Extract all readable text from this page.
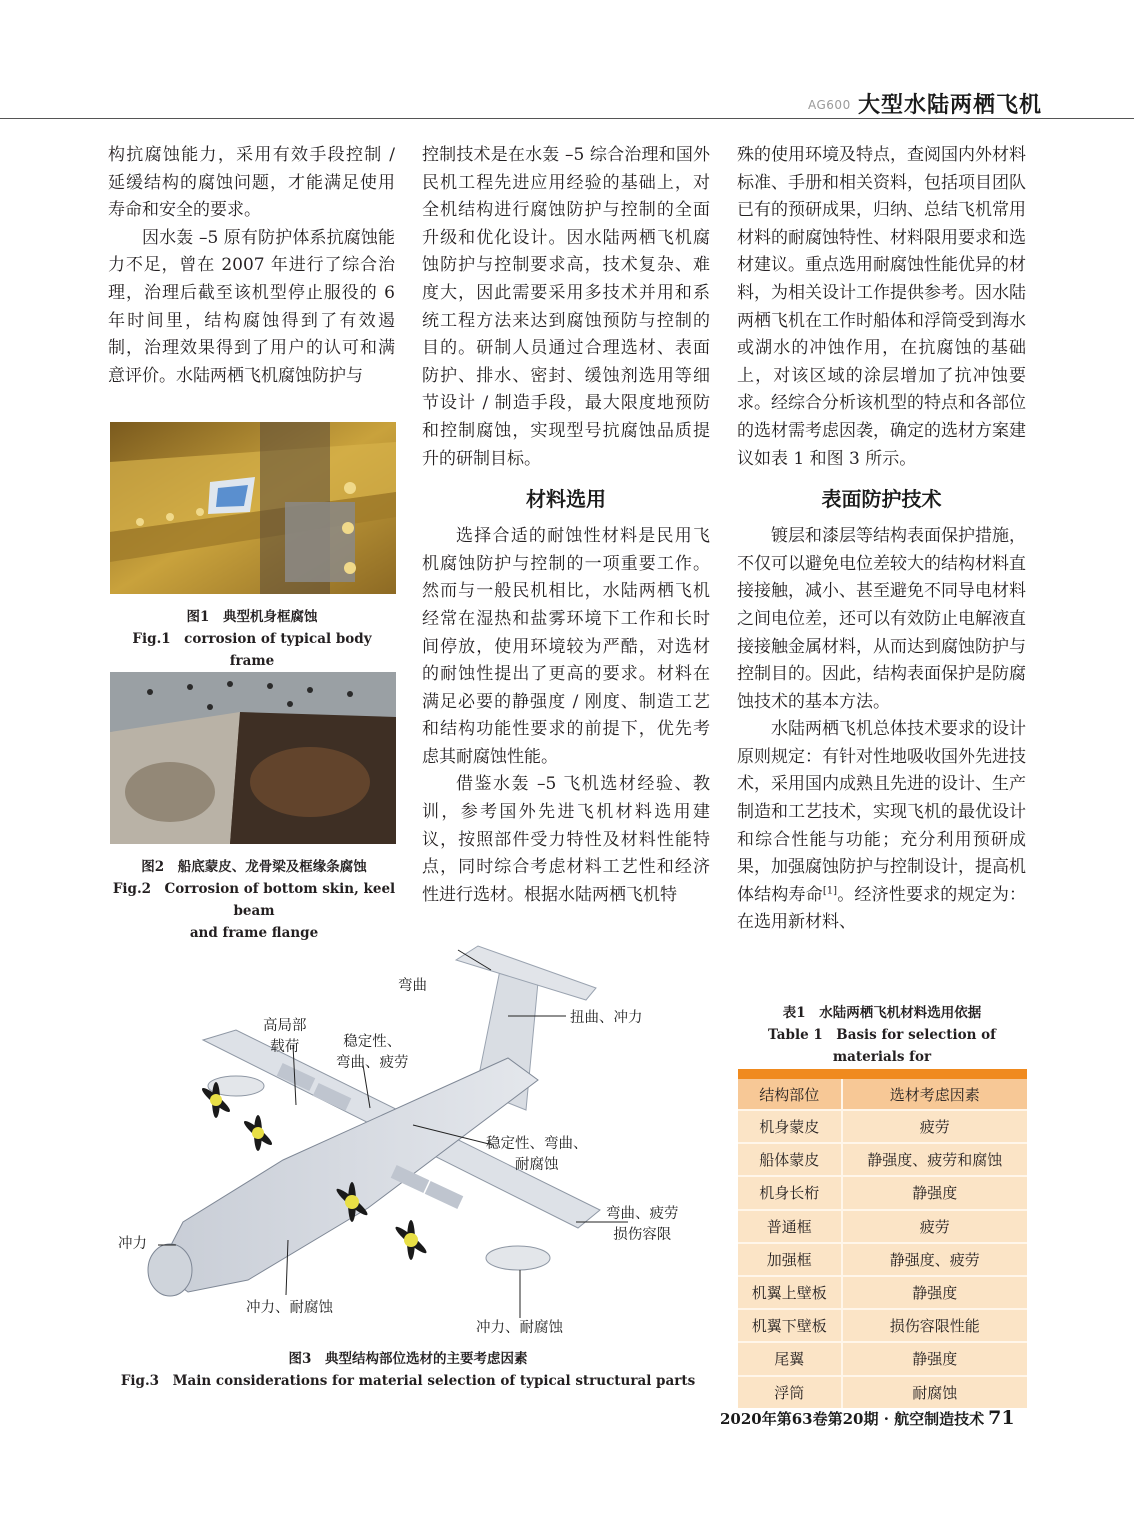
AG600 大型水陆两栖飞机

构抗腐蚀能力，采用有效手段控制 / 延缓结构的腐蚀问题，才能满足使用寿命和安全的要求。

因水轰 –5 原有防护体系抗腐蚀能力不足，曾在 2007 年进行了综合治理，治理后截至该机型停止服役的 6 年时间里，结构腐蚀得到了有效遏制，治理效果得到了用户的认可和满意评价。水陆两栖飞机腐蚀防护与

图1　典型机身框腐蚀
Fig.1　corrosion of typical body frame
图2　船底蒙皮、龙骨梁及框缘条腐蚀
Fig.2　Corrosion of bottom skin, keel beam
and frame flange

控制技术是在水轰 –5 综合治理和国外民机工程先进应用经验的基础上，对全机结构进行腐蚀防护与控制的全面升级和优化设计。因水陆两栖飞机腐蚀防护与控制要求高，技术复杂、难度大，因此需要采用多技术并用和系统工程方法来达到腐蚀预防与控制的目的。研制人员通过合理选材、表面防护、排水、密封、缓蚀剂选用等细节设计 / 制造手段，最大限度地预防和控制腐蚀，实现型号抗腐蚀品质提升的研制目标。

材料选用

选择合适的耐蚀性材料是民用飞机腐蚀防护与控制的一项重要工作。然而与一般民机相比，水陆两栖飞机经常在湿热和盐雾环境下工作和长时间停放，使用环境较为严酷，对选材的耐蚀性提出了更高的要求。材料在满足必要的静强度 / 刚度、制造工艺和结构功能性要求的前提下，优先考虑其耐腐蚀性能。

借鉴水轰 –5 飞机选材经验、教训，参考国外先进飞机材料选用建议，按照部件受力特性及材料性能特点，同时综合考虑材料工艺性和经济性进行选材。根据水陆两栖飞机特

殊的使用环境及特点，查阅国内外材料标准、手册和相关资料，包括项目团队已有的预研成果，归纳、总结飞机常用材料的耐腐蚀特性、材料限用要求和选材建议。重点选用耐腐蚀性能优异的材料，为相关设计工作提供参考。因水陆两栖飞机在工作时船体和浮筒受到海水或湖水的冲蚀作用，在抗腐蚀的基础上，对该区域的涂层增加了抗冲蚀要求。经综合分析该机型的特点和各部位的选材需考虑因袭，确定的选材方案建议如表 1 和图 3 所示。

表面防护技术

镀层和漆层等结构表面保护措施，不仅可以避免电位差较大的结构材料直接接触，减小、甚至避免不同导电材料之间电位差，还可以有效防止电解液直接接触金属材料，从而达到腐蚀防护与控制目的。因此，结构表面保护是防腐蚀技术的基本方法。

水陆两栖飞机总体技术要求的设计原则规定：有针对性地吸收国外先进技术，采用国内成熟且先进的设计、生产制造和工艺技术，实现飞机的最优设计和综合性能与功能；充分利用预研成果，加强腐蚀防护与控制设计，提高机体结构寿命[1]。经济性要求的规定为：在选用新材料、

弯曲
扭曲、冲力
高局部
载荷	稳定性、
弯曲、疲劳
稳定性、弯曲、
耐腐蚀
冲力
弯曲、疲劳
损伤容限
冲力、耐腐蚀
冲力、耐腐蚀
图3　典型结构部位选材的主要考虑因素
Fig.3　Main considerations for material selection of typical structural parts
表1　水陆两栖飞机材料选用依据
Table 1　Basis for selection of materials for

结构部位	选材考虑因素
机身蒙皮	疲劳
船体蒙皮	静强度、疲劳和腐蚀
机身长桁	静强度
普通框	疲劳
加强框	静强度、疲劳
机翼上壁板	静强度
机翼下壁板	损伤容限性能
尾翼	静强度
浮筒	耐腐蚀
2020年第63卷第20期 · 航空制造技术 71
